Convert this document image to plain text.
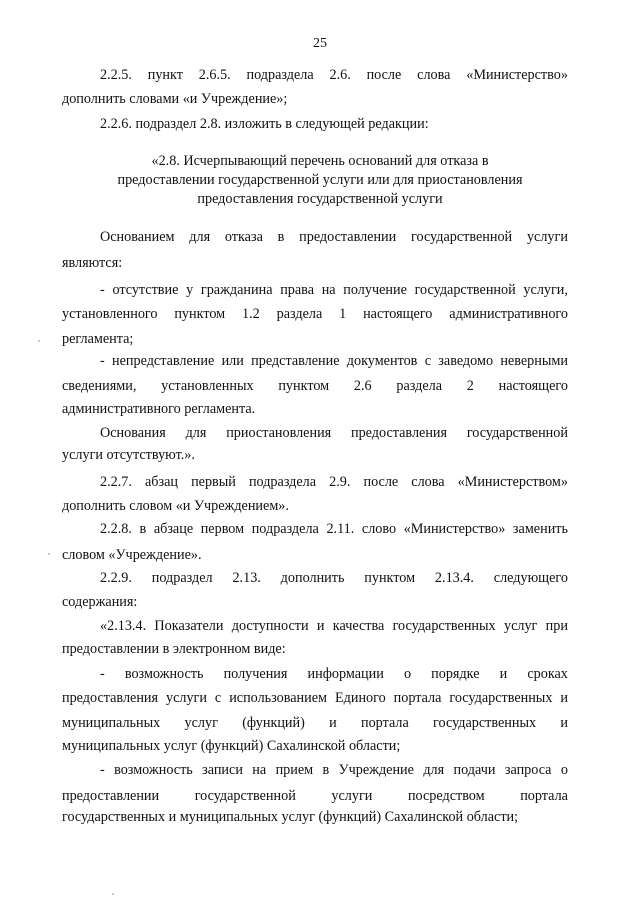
25
2.2.5. пункт 2.6.5. подраздела 2.6. после слова «Министерство»
дополнить словами «и Учреждение»;
2.2.6. подраздел 2.8. изложить в следующей редакции:
«2.8. Исчерпывающий перечень оснований для отказа в
предоставлении государственной услуги или для приостановления
предоставления государственной услуги
Основанием для отказа в предоставлении государственной услуги
являются:
- отсутствие у гражданина права на получение государственной услуги,
установленного пунктом 1.2 раздела 1 настоящего административного
регламента;
- непредставление или представление документов с заведомо неверными
сведениями, установленных пунктом 2.6 раздела 2 настоящего
административного регламента.
Основания для приостановления предоставления государственной
услуги отсутствуют.».
2.2.7. абзац первый подраздела 2.9. после слова «Министерством»
дополнить словом «и Учреждением».
2.2.8. в абзаце первом подраздела 2.11. слово «Министерство» заменить
словом «Учреждение».
2.2.9. подраздел 2.13. дополнить пунктом 2.13.4. следующего
содержания:
«2.13.4. Показатели доступности и качества государственных услуг при
предоставлении в электронном виде:
- возможность получения информации о порядке и сроках
предоставления услуги с использованием Единого портала государственных и
муниципальных услуг (функций) и портала государственных и
муниципальных услуг (функций) Сахалинской области;
- возможность записи на прием в Учреждение для подачи запроса о
предоставлении	государственной	услуги	посредством	портала
государственных и муниципальных услуг (функций) Сахалинской области;
